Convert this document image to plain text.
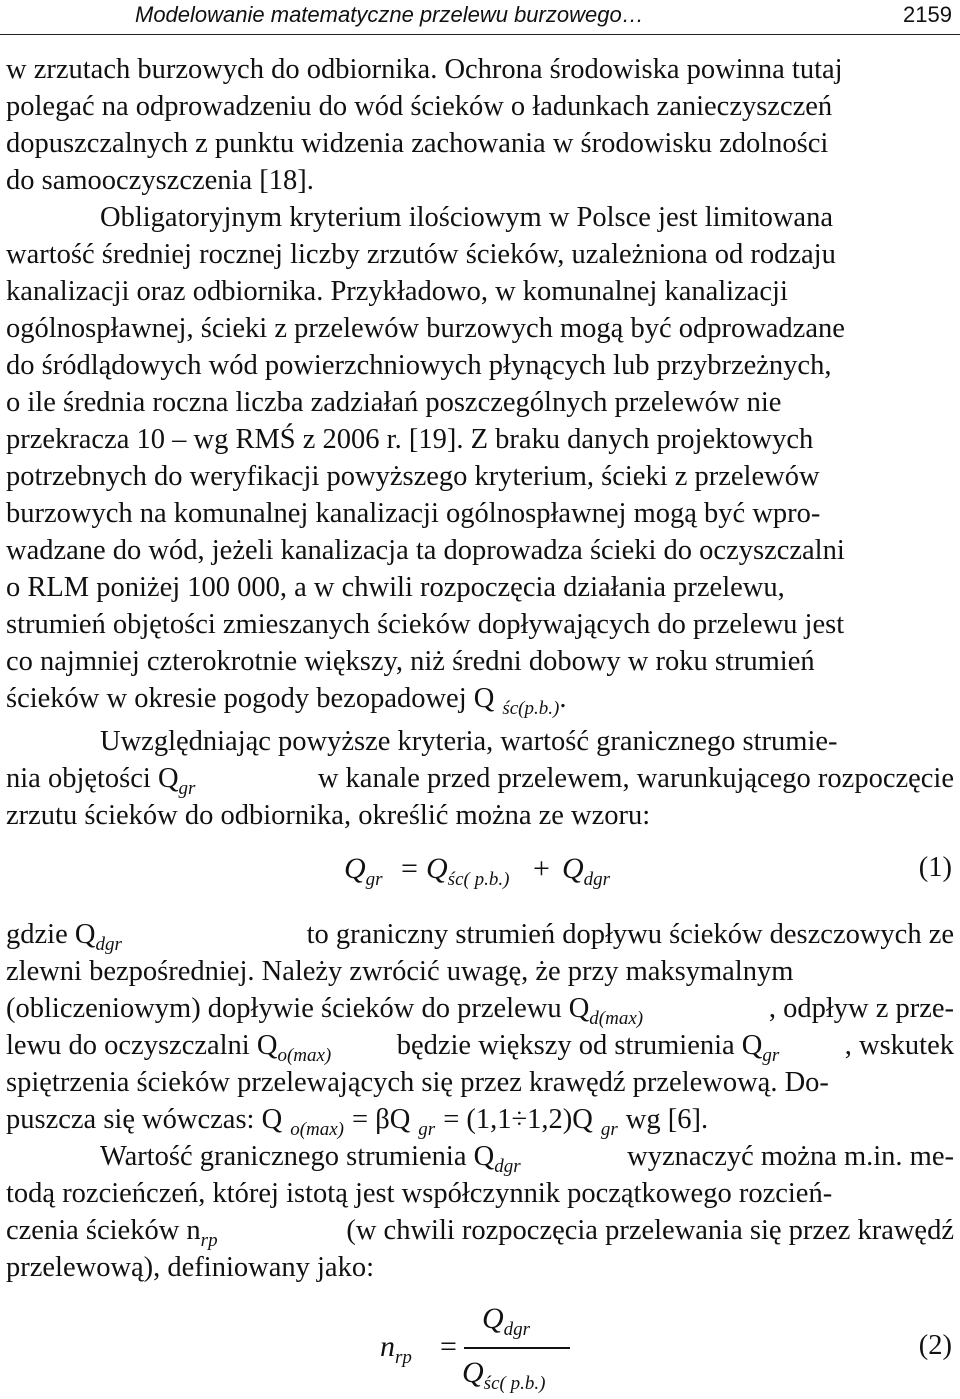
Modelowanie matematyczne przelewu burzowego…	2159
w zrzutach burzowych do odbiornika. Ochrona środowiska powinna tutaj
polegać na odprowadzeniu do wód ścieków o ładunkach zanieczyszczeń
dopuszczalnych z punktu widzenia zachowania w środowisku zdolności
do samooczyszczenia [18].
Obligatoryjnym kryterium ilościowym w Polsce jest limitowana
wartość średniej rocznej liczby zrzutów ścieków, uzależniona od rodzaju
kanalizacji oraz odbiornika. Przykładowo, w komunalnej kanalizacji
ogólnospławnej, ścieki z przelewów burzowych mogą być odprowadzane
do śródlądowych wód powierzchniowych płynących lub przybrzeżnych,
o ile średnia roczna liczba zadziałań poszczególnych przelewów nie
przekracza 10 – wg RMŚ z 2006 r. [19]. Z braku danych projektowych
potrzebnych do weryfikacji powyższego kryterium, ścieki z przelewów
burzowych na komunalnej kanalizacji ogólnospławnej mogą być wpro-
wadzane do wód, jeżeli kanalizacja ta doprowadza ścieki do oczyszczalni
o RLM poniżej 100 000, a w chwili rozpoczęcia działania przelewu,
strumień objętości zmieszanych ścieków dopływających do przelewu jest
co najmniej czterokrotnie większy, niż średni dobowy w roku strumień
ścieków w okresie pogody bezopadowej Q $_{śc(p.b.)}$.
Uwzględniając powyższe kryteria, wartość granicznego strumie-
nia objętości $Q_{gr}$	w kanale przed przelewem, warunkującego rozpoczęcie
zrzutu ścieków do odbiornika, określić można ze wzoru:
$Q_{gr} = Q_{śc( p.b.)} + Q_{dgr}$	(1)
gdzie $Q_{dgr}$	to graniczny strumień dopływu ścieków deszczowych ze
zlewni bezpośredniej. Należy zwrócić uwagę, że przy maksymalnym
(obliczeniowym) dopływie ścieków do przelewu $Q_{d(max)}$	, odpływ z prze-
lewu do oczyszczalni $Q_{o(max)}$ będzie większy od strumienia $Q_{gr}$ , wskutek
spiętrzenia ścieków przelewających się przez krawędź przelewową. Do-
puszcza się wówczas: Q $_{o(max)}$ = βQ $_{gr}$ = (1,1÷1,2)Q $_{gr}$ wg [6].
Wartość granicznego strumienia $Q_{dgr}$	wyznaczyć można m.in. me-
todą rozcieńczeń, której istotą jest współczynnik początkowego rozcień-
czenia ścieków $n_{rp}$	(w chwili rozpoczęcia przelewania się przez krawędź
przelewową), definiowany jako:
$n_{rp}$ =
$Q_{dgr}$
$Q_{śc( p.b.)}$
(2)
